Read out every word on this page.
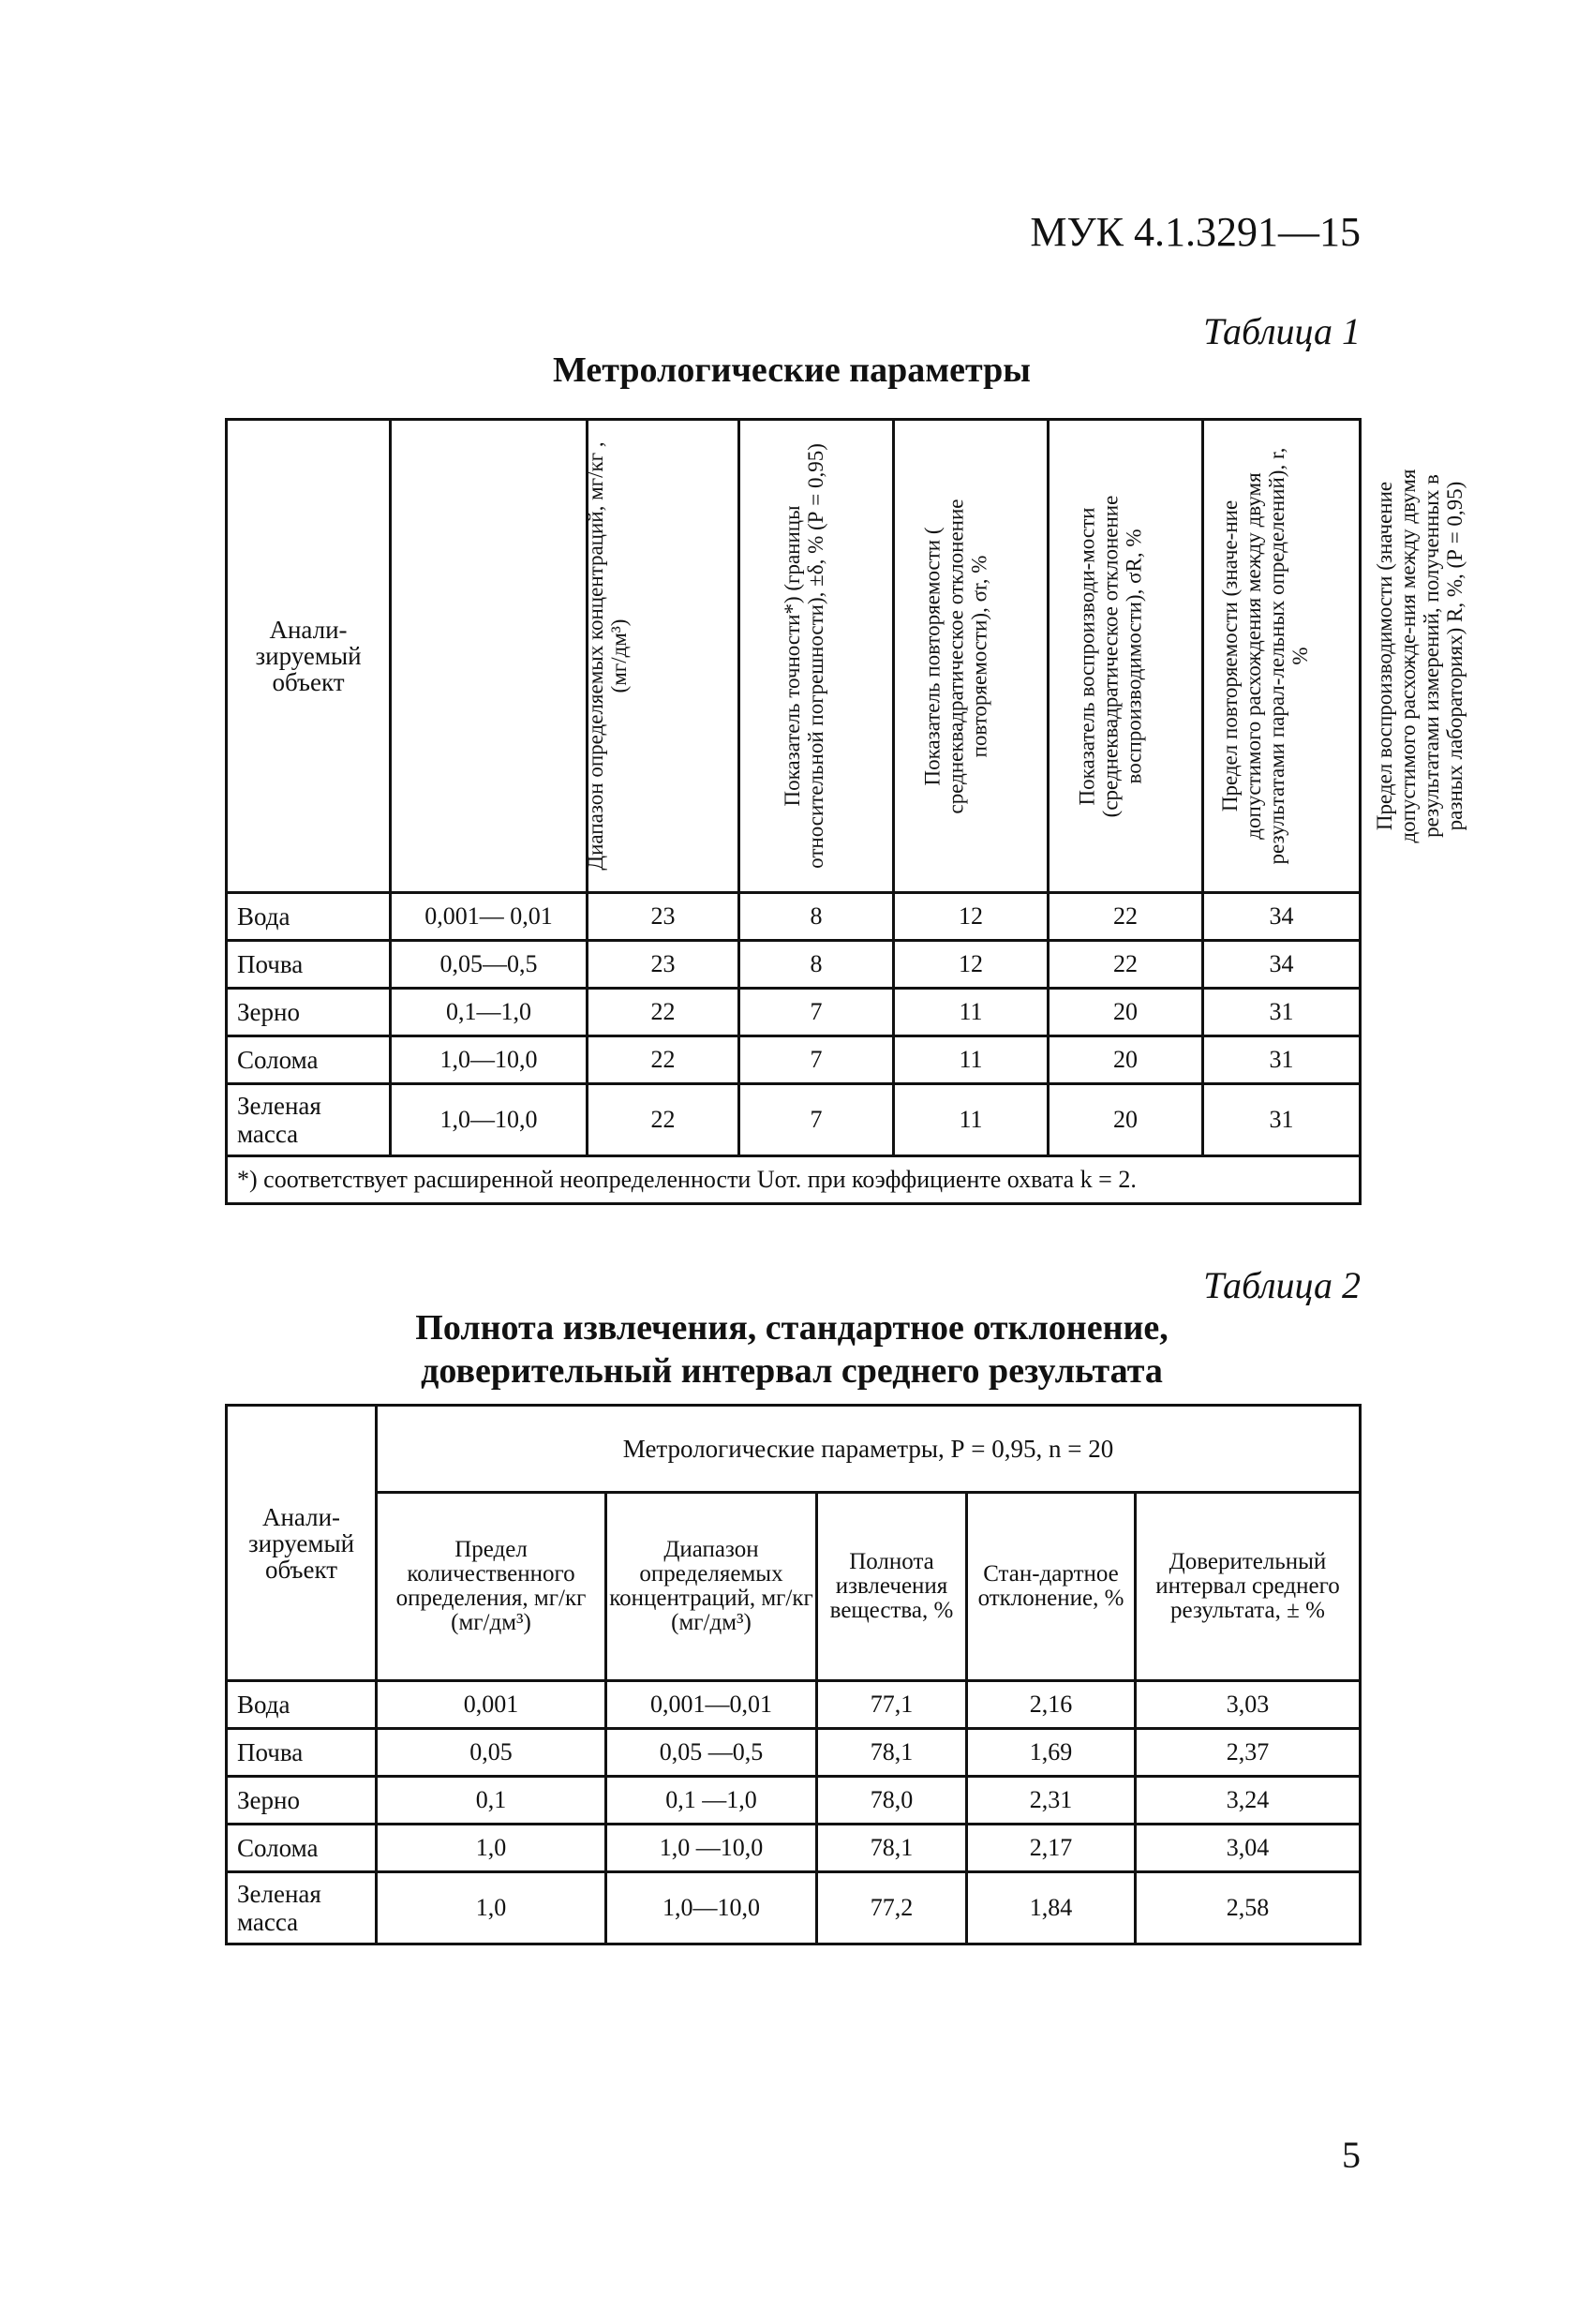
МУК 4.1.3291—15
Таблица 1
Метрологические параметры
Анали-
зируемый
объект	Диапазон определяемых концентраций, мг/кг , (мг/дм³)	Показатель точности*) (границы относительной погрешности), ±δ, % (Р = 0,95)	Показатель повторяемости ( среднеквадратическое отклонение повторяемости), σr, %	Показатель воспроизводи-мости (среднеквадратическое отклонение воспроизводимости), σR, %	Предел повторяемости (значе-ние допустимого расхождения между двумя результатами парал-лельных определений), r, %	Предел воспроизводимости (значение допустимого расхожде-ния между двумя результатами измерений, полученных в разных лабораториях) R, %, (Р = 0,95)
Вода	0,001— 0,01	23	8	12	22	34
Почва	0,05—0,5	23	8	12	22	34
Зерно	0,1—1,0	22	7	11	20	31
Солома	1,0—10,0	22	7	11	20	31
Зеленая
масса	1,0—10,0	22	7	11	20	31
*) соответствует расширенной неопределенности Uот. при коэффициенте охвата k = 2.						
Таблица 2
Полнота извлечения, стандартное отклонение,
доверительный интервал среднего результата
Анали-
зируемый
объект	Метрологические параметры, Р = 0,95, n = 20				
	Предел количественного определения, мг/кг (мг/дм³)	Диапазон определяемых концентраций, мг/кг (мг/дм³)	Полнота извлечения вещества, %	Стан-дартное отклонение, %	Доверительный интервал среднего результата, ± %
Вода	0,001	0,001—0,01	77,1	2,16	3,03
Почва	0,05	0,05 —0,5	78,1	1,69	2,37
Зерно	0,1	0,1 —1,0	78,0	2,31	3,24
Солома	1,0	1,0 —10,0	78,1	2,17	3,04
Зеленая
масса	1,0	1,0—10,0	77,2	1,84	2,58
5
